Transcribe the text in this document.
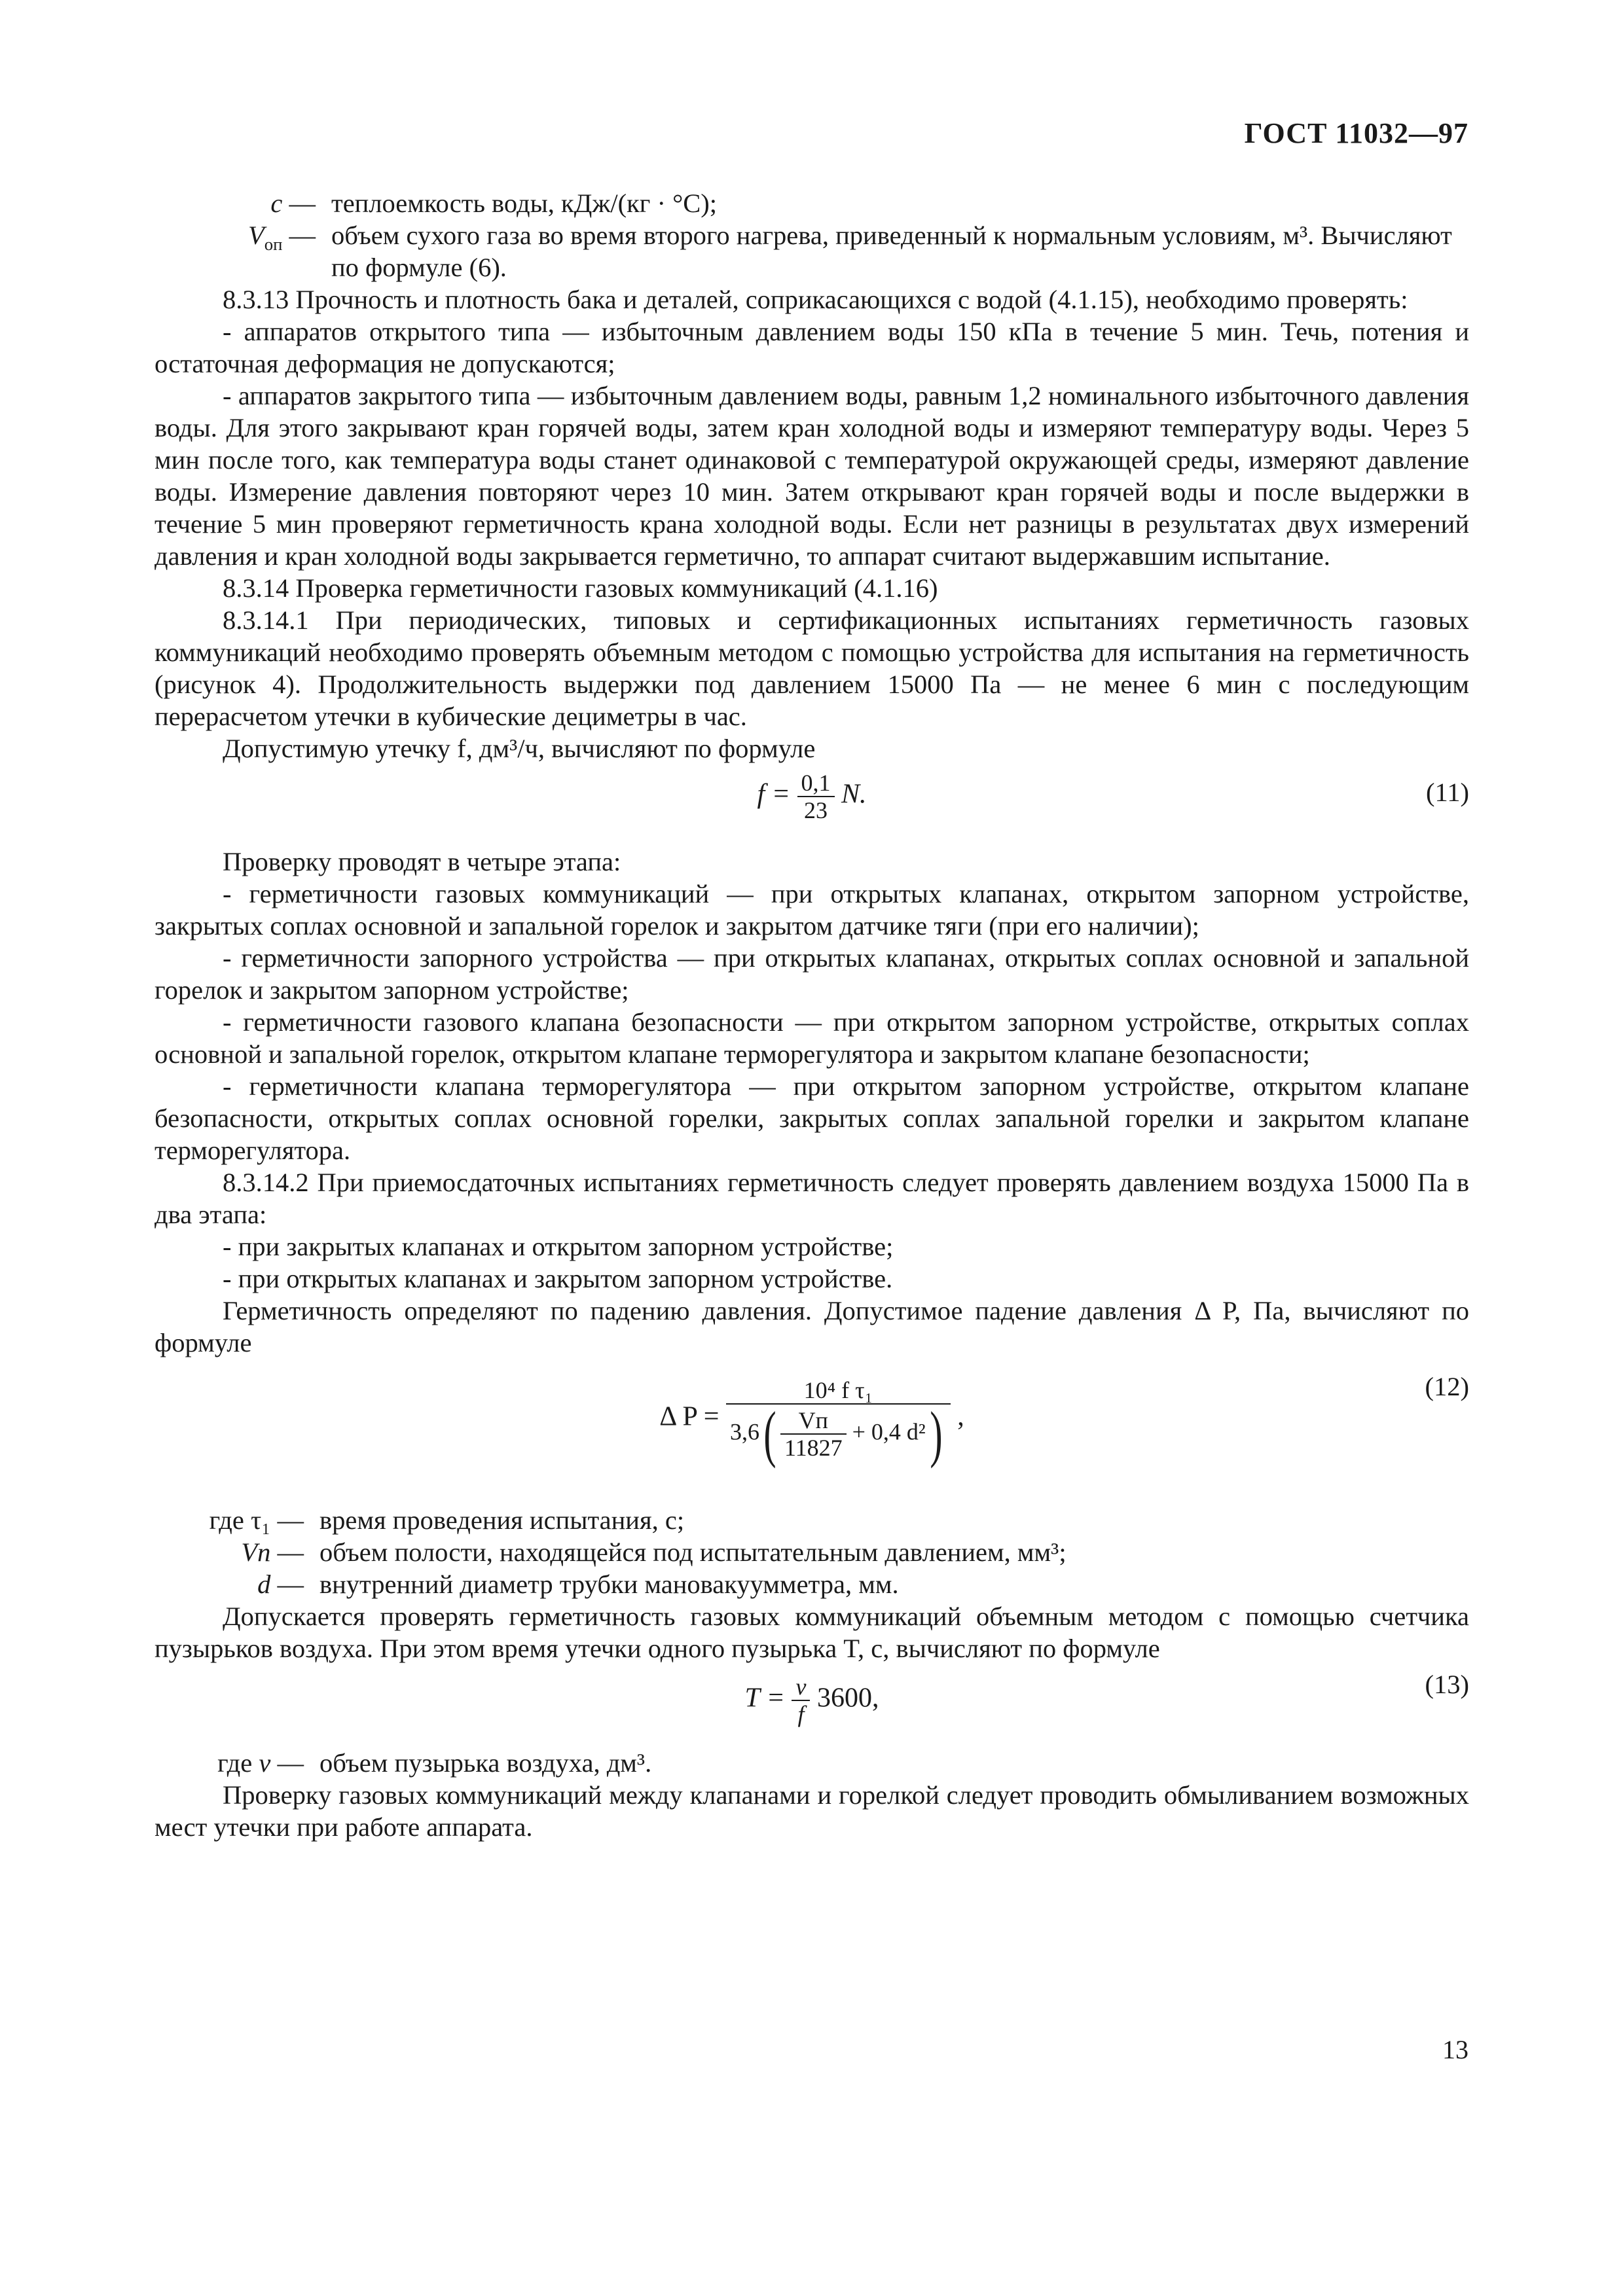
ГОСТ 11032—97
c — теплоемкость воды, кДж/(кг · °С);
$V_{оп}$ — объем сухого газа во время второго нагрева, приведенный к нормальным условиям, м³. Вычисляют по формуле (6).

8.3.13 Прочность и плотность бака и деталей, соприкасающихся с водой (4.1.15), необходимо проверять:

- аппаратов открытого типа — избыточным давлением воды 150 кПа в течение 5 мин. Течь, потения и остаточная деформация не допускаются;

- аппаратов закрытого типа — избыточным давлением воды, равным 1,2 номинального избыточного давления воды. Для этого закрывают кран горячей воды, затем кран холодной воды и измеряют температуру воды. Через 5 мин после того, как температура воды станет одинаковой с температурой окружающей среды, измеряют давление воды. Измерение давления повторяют через 10 мин. Затем открывают кран горячей воды и после выдержки в течение 5 мин проверяют герметичность крана холодной воды. Если нет разницы в результатах двух измерений давления и кран холодной воды закрывается герметично, то аппарат считают выдержавшим испытание.

8.3.14 Проверка герметичности газовых коммуникаций (4.1.16)

8.3.14.1 При периодических, типовых и сертификационных испытаниях герметичность газовых коммуникаций необходимо проверять объемным методом с помощью устройства для испытания на герметичность (рисунок 4). Продолжительность выдержки под давлением 15000 Па — не менее 6 мин с последующим перерасчетом утечки в кубические дециметры в час.

Допустимую утечку f, дм³/ч, вычисляют по формуле

$f = \frac{0,1}{23} N$.	(11)

Проверку проводят в четыре этапа:

- герметичности газовых коммуникаций — при открытых клапанах, открытом запорном устройстве, закрытых соплах основной и запальной горелок и закрытом датчике тяги (при его наличии);

- герметичности запорного устройства — при открытых клапанах, открытых соплах основной и запальной горелок и закрытом запорном устройстве;

- герметичности газового клапана безопасности — при открытом запорном устройстве, открытых соплах основной и запальной горелок, открытом клапане терморегулятора и закрытом клапане безопасности;

- герметичности клапана терморегулятора — при открытом запорном устройстве, открытом клапане безопасности, открытых соплах основной горелки, закрытых соплах запальной горелки и закрытом клапане терморегулятора.

8.3.14.2 При приемосдаточных испытаниях герметичность следует проверять давлением воздуха 15000 Па в два этапа:

- при закрытых клапанах и открытом запорном устройстве;

- при открытых клапанах и закрытом запорном устройстве.

Герметичность определяют по падению давления. Допустимое падение давления Δ P, Па, вычисляют по формуле

Δ $P = \frac{\text{10⁴ f τ₁}}{3,6( \frac{Vп}{11827} + 0,4 d^2)}$ ,
(12)
где τ₁ — время проведения испытания, с;
Vп — объем полости, находящейся под испытательным давлением, мм³;
d — внутренний диаметр трубки мановакуумметра, мм.

Допускается проверять герметичность газовых коммуникаций объемным методом с помощью счетчика пузырьков воздуха. При этом время утечки одного пузырька T, с, вычисляют по формуле

$T = \frac{v}{f} 3600$,	(13)
где v — объем пузырька воздуха, дм³.

Проверку газовых коммуникаций между клапанами и горелкой следует проводить обмыливанием возможных мест утечки при работе аппарата.

13
